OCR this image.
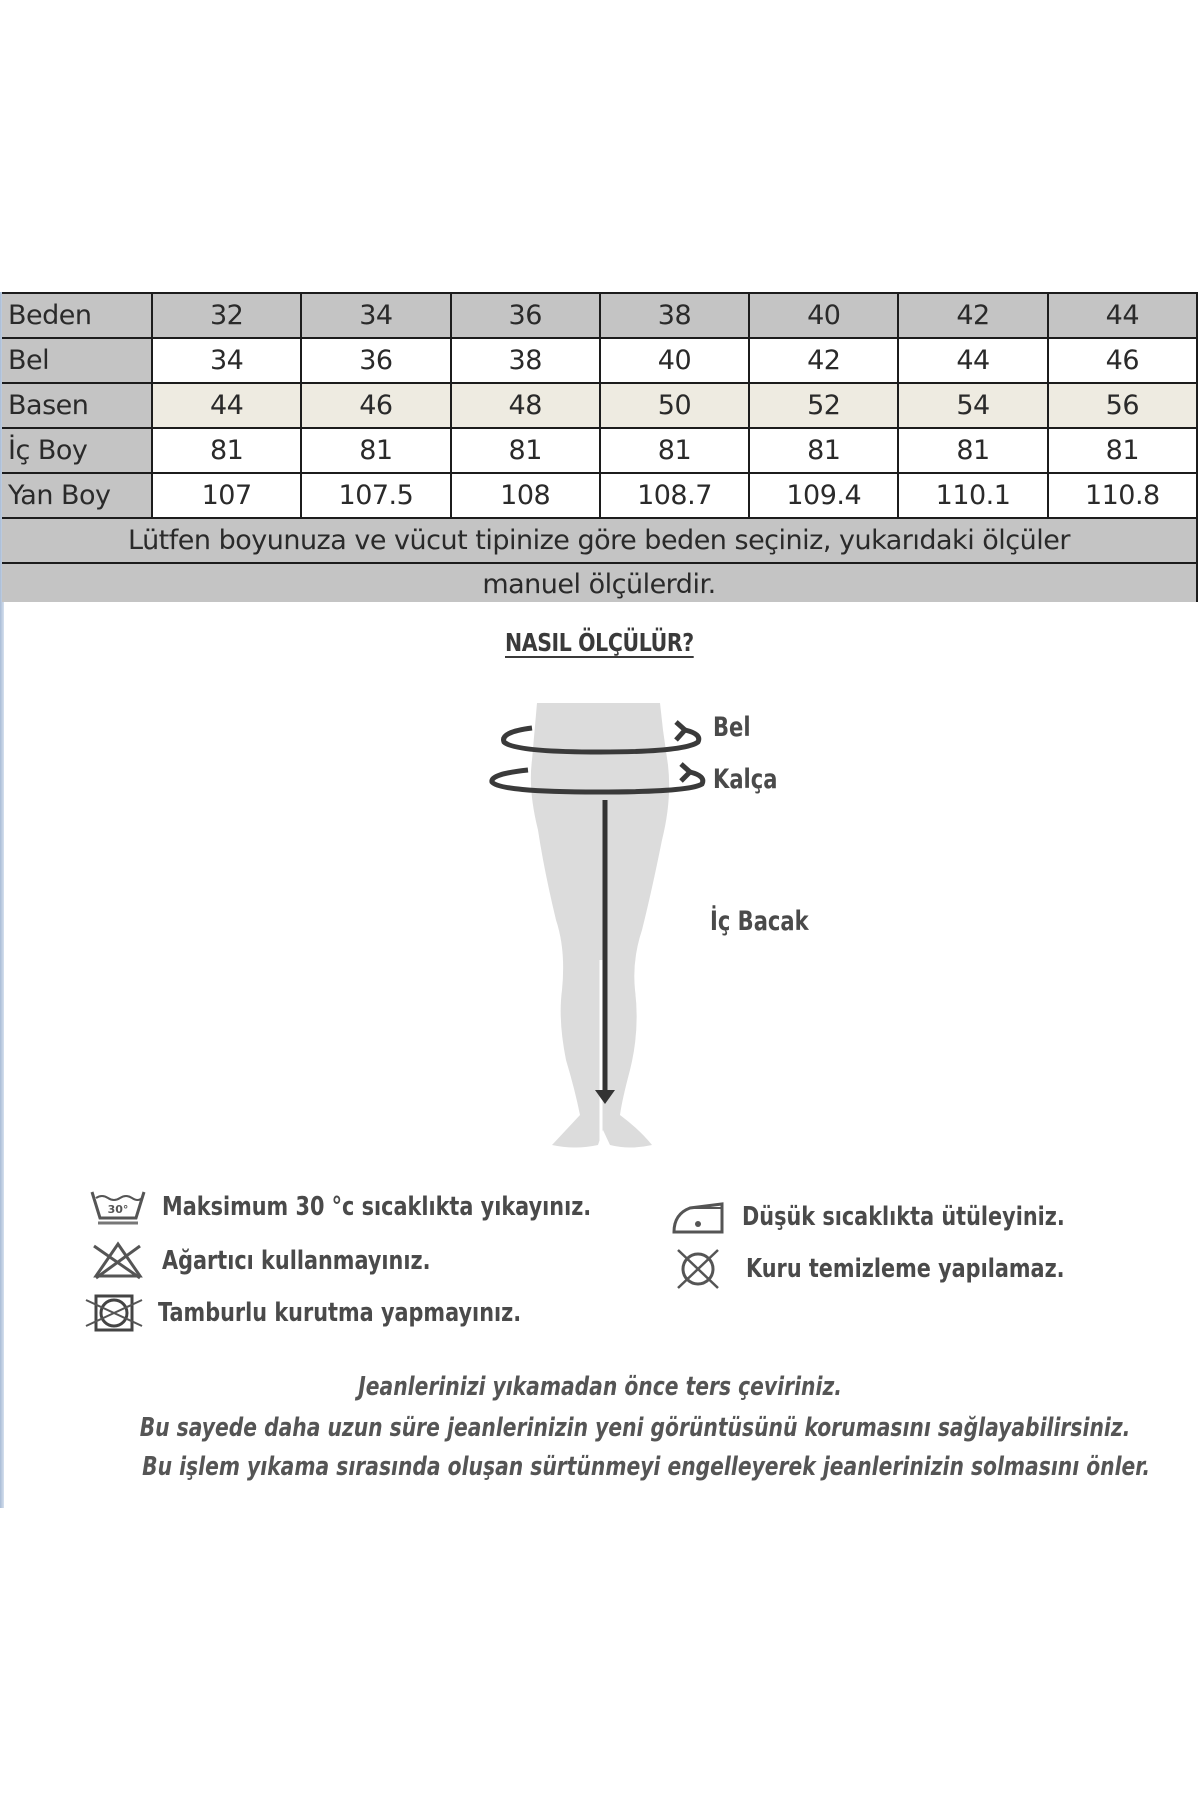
Beden	32	34	36	38	40	42	44
Bel	34	36	38	40	42	44	46
Basen	44	46	48	50	52	54	56
İç Boy	81	81	81	81	81	81	81
Yan Boy	107	107.5	108	108.7	109.4	110.1	110.8
Lütfen boyunuza ve vücut tipinize göre beden seçiniz, yukarıdaki ölçüler							
manuel ölçülerdir.							
NASIL ÖLÇÜLÜR?
Bel
Kalça
İç Bacak
30° Maksimum 30 °c sıcaklıkta yıkayınız.
Ağartıcı kullanmayınız.
Tamburlu kurutma yapmayınız.
Düşük sıcaklıkta ütüleyiniz.
Kuru temizleme yapılamaz.
Jeanlerinizi yıkamadan önce ters çeviriniz.
Bu sayede daha uzun süre jeanlerinizin yeni görüntüsünü korumasını sağlayabilirsiniz.
Bu işlem yıkama sırasında oluşan sürtünmeyi engelleyerek jeanlerinizin solmasını önler.
